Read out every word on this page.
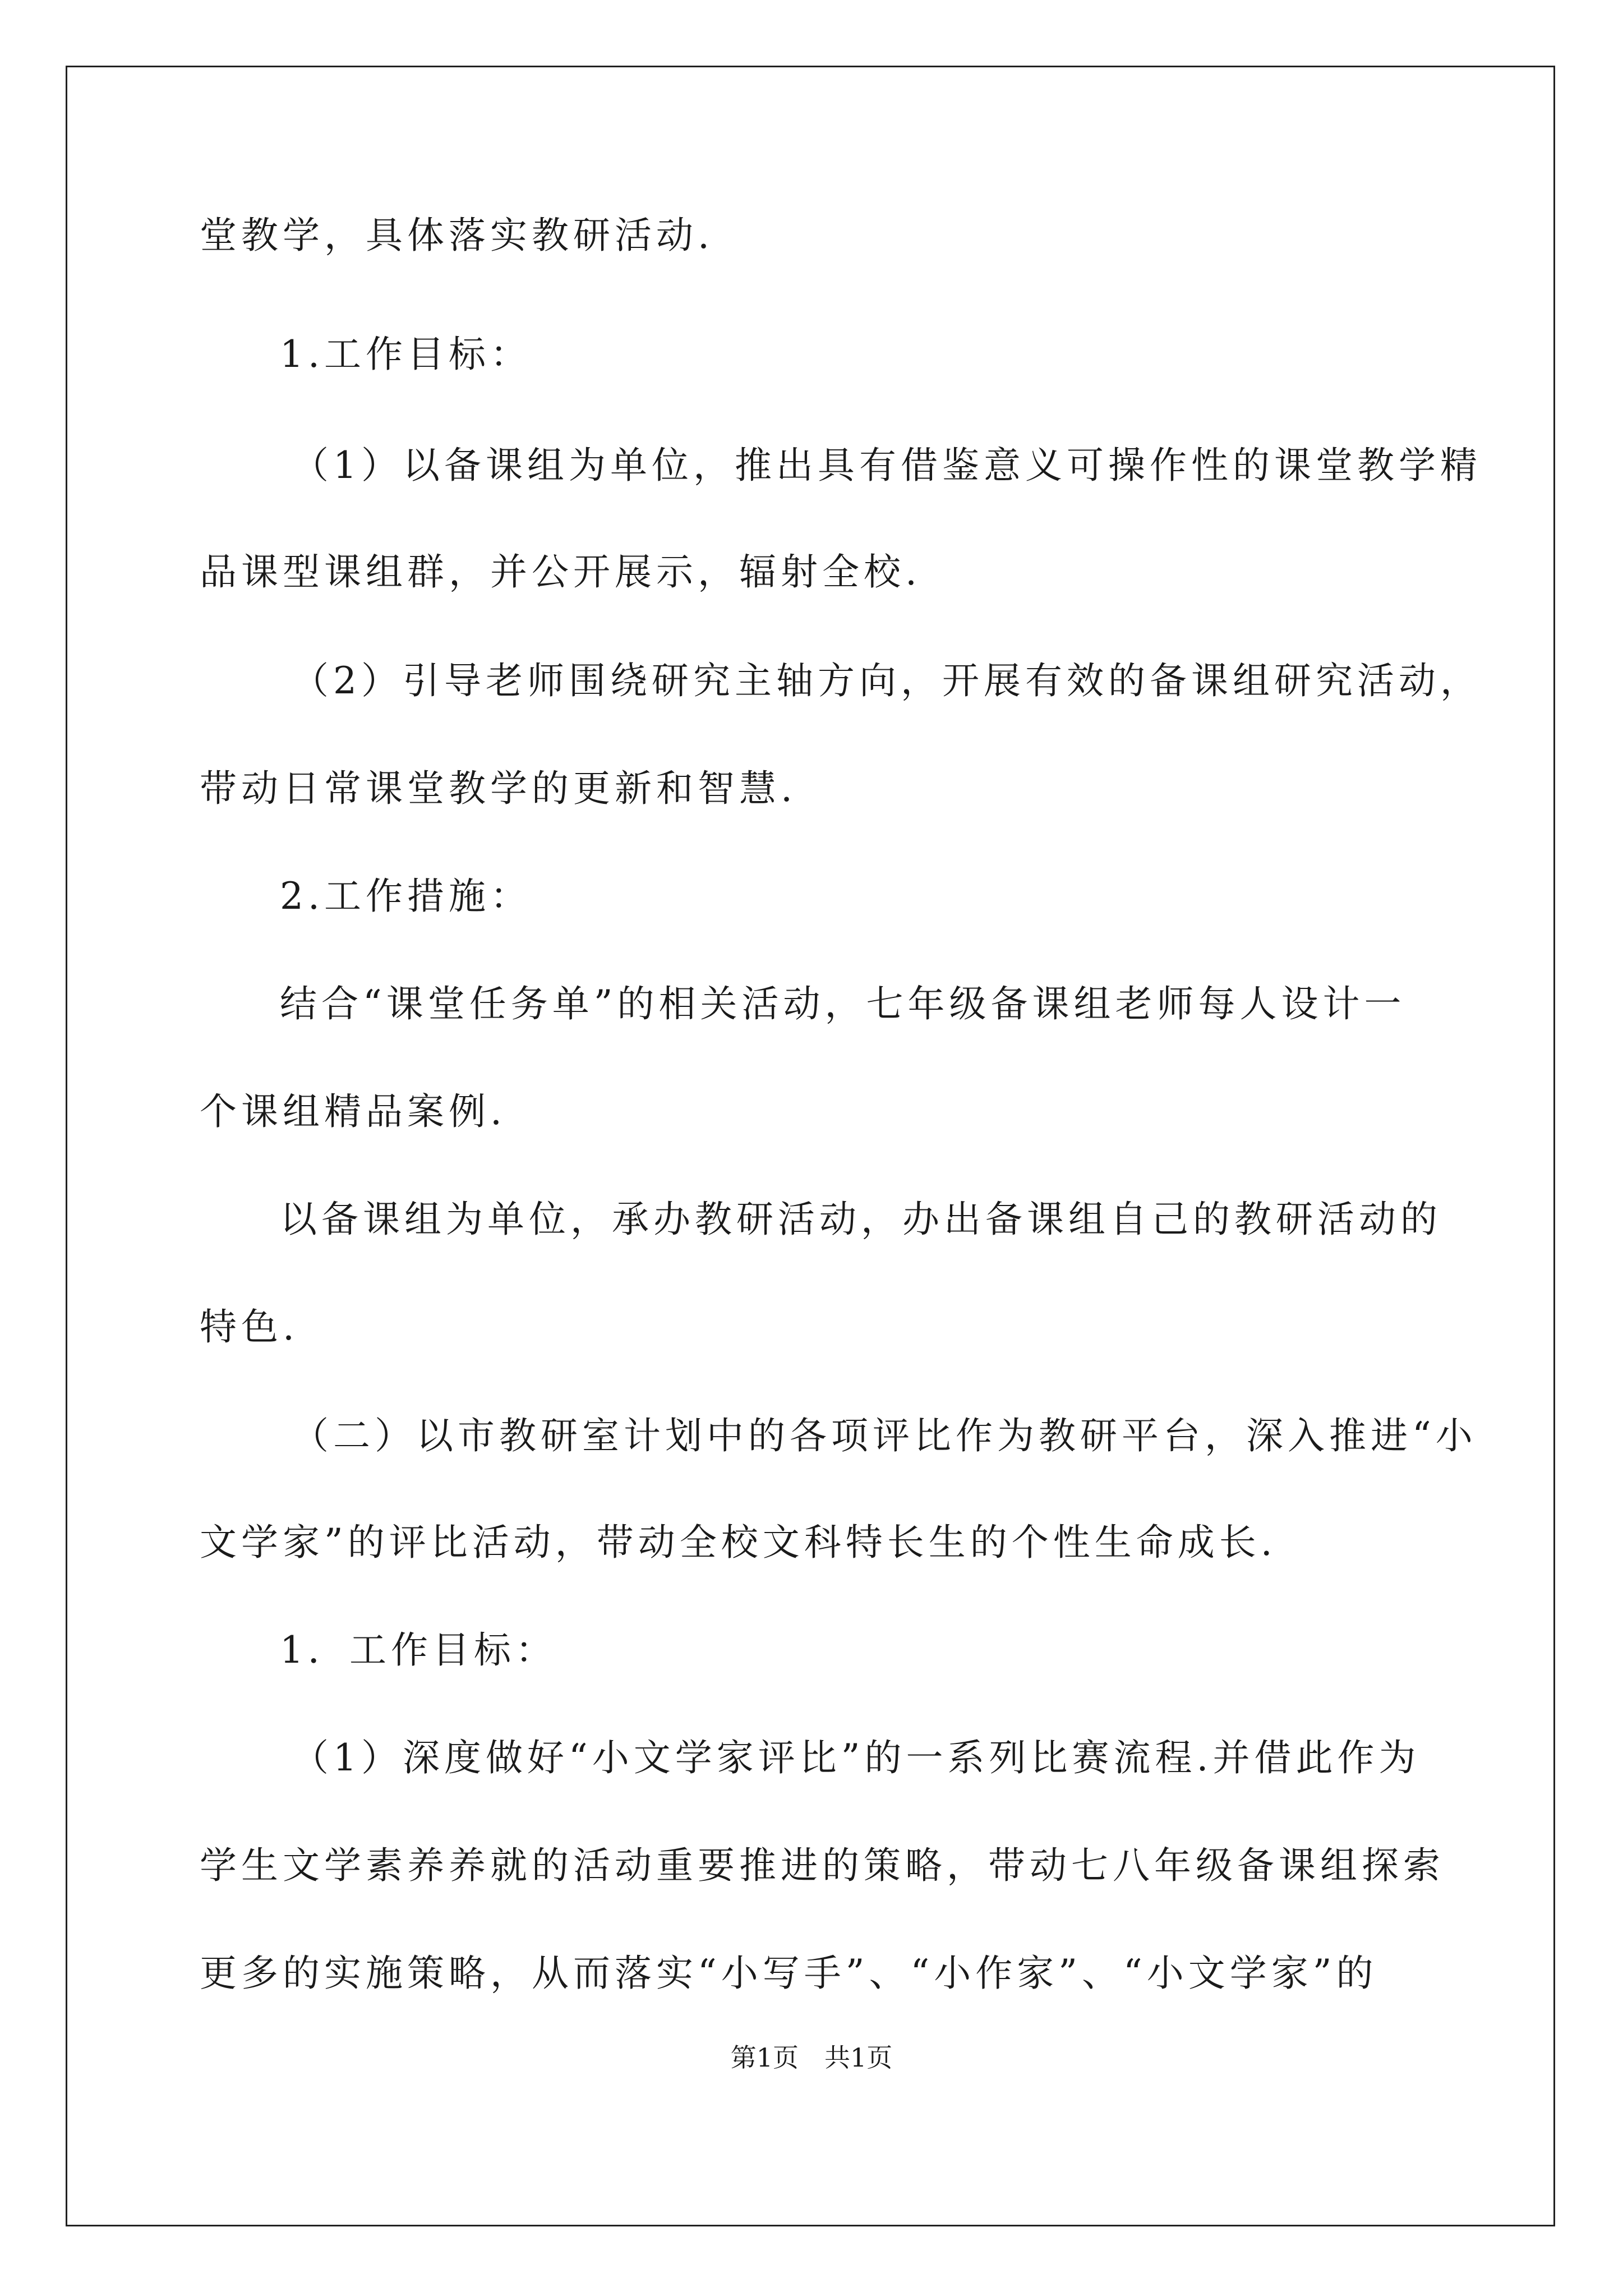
堂教学，具体落实教研活动.
1.工作目标：
（1）以备课组为单位，推出具有借鉴意义可操作性的课堂教学精
品课型课组群，并公开展示，辐射全校.
（2）引导老师围绕研究主轴方向，开展有效的备课组研究活动，
带动日常课堂教学的更新和智慧.
2.工作措施：
结合“课堂任务单”的相关活动，七年级备课组老师每人设计一
个课组精品案例.
以备课组为单位，承办教研活动，办出备课组自己的教研活动的
特色.
（二）以市教研室计划中的各项评比作为教研平台，深入推进“小
文学家”的评比活动，带动全校文科特长生的个性生命成长.
1．工作目标：
（1）深度做好“小文学家评比”的一系列比赛流程.并借此作为
学生文学素养养就的活动重要推进的策略，带动七八年级备课组探索
更多的实施策略，从而落实“小写手”、“小作家”、“小文学家”的
第1页　共1页
